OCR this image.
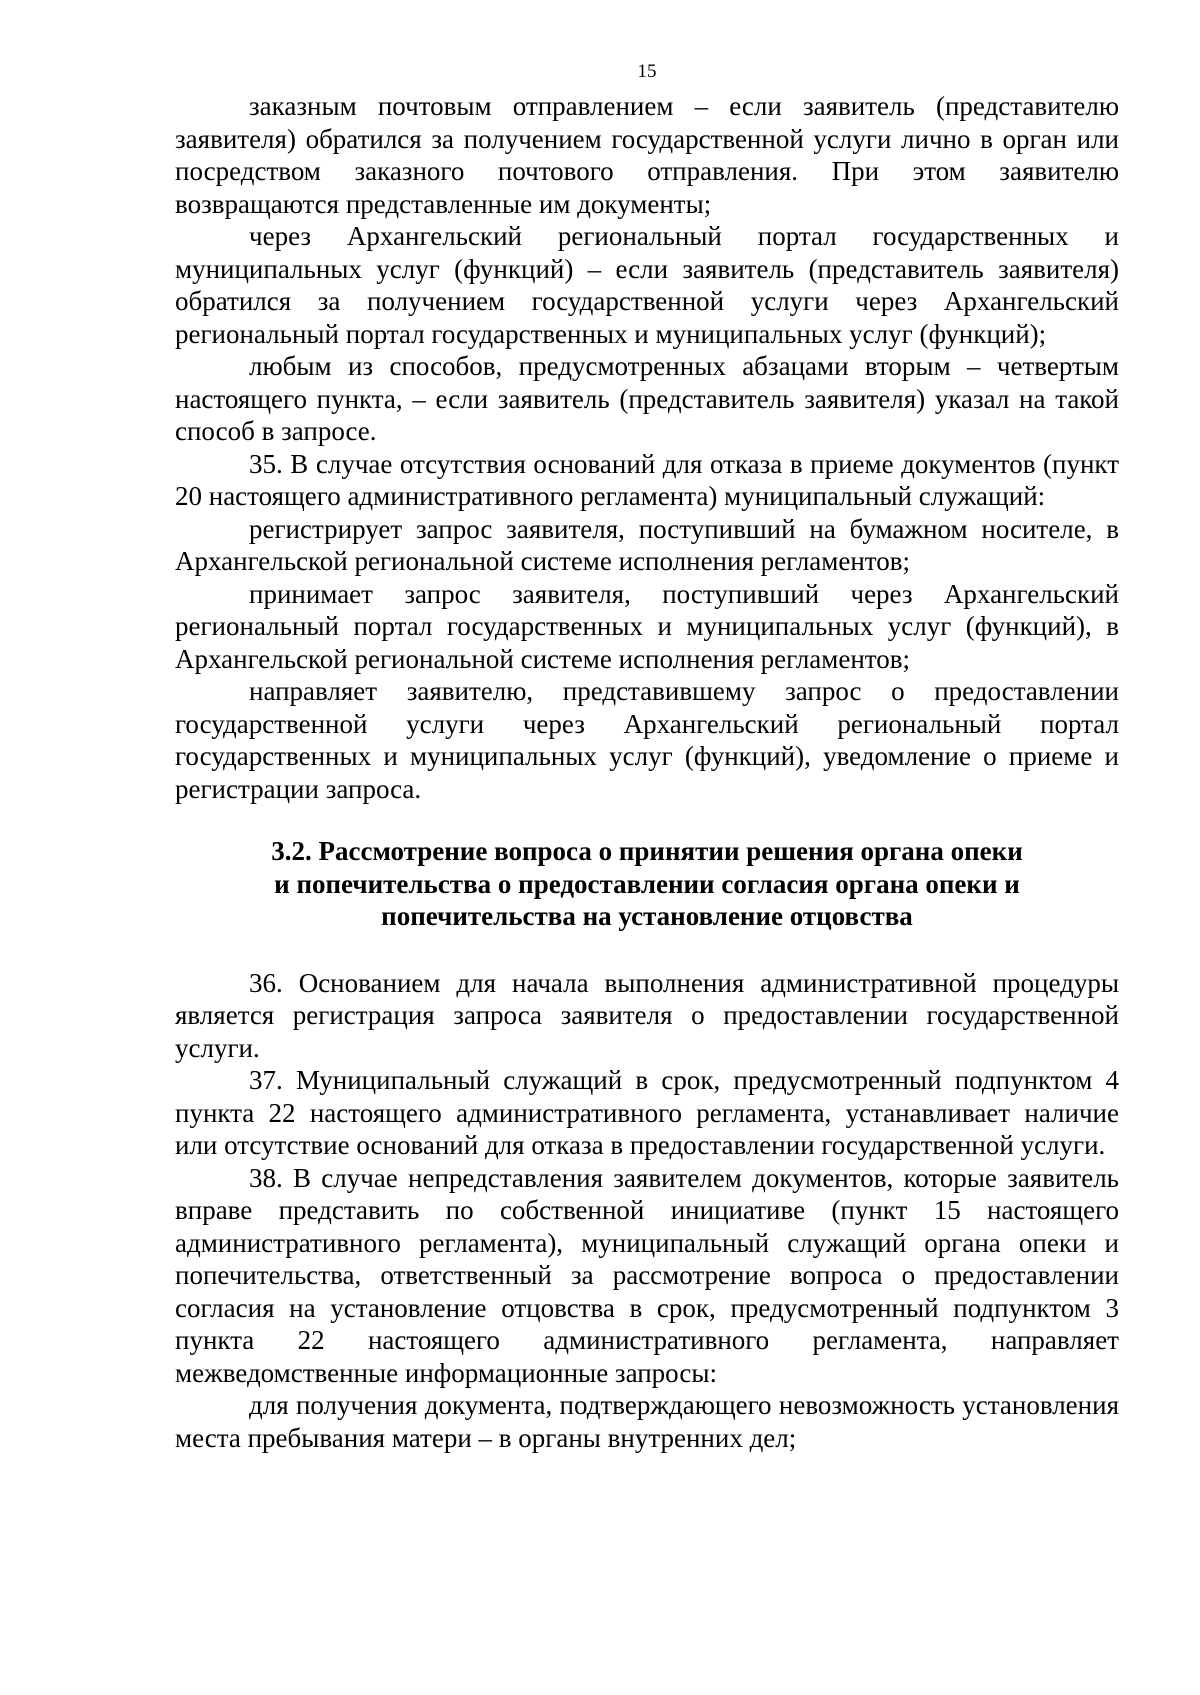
15

заказным почтовым отправлением – если заявитель (представителю заявителя) обратился за получением государственной услуги лично в орган или посредством заказного почтового отправления. При этом заявителю возвращаются представленные им документы;

через Архангельский региональный портал государственных и муниципальных услуг (функций) – если заявитель (представитель заявителя) обратился за получением государственной услуги через Архангельский региональный портал государственных и муниципальных услуг (функций);

любым из способов, предусмотренных абзацами вторым – четвертым настоящего пункта, – если заявитель (представитель заявителя) указал на такой способ в запросе.

35. В случае отсутствия оснований для отказа в приеме документов (пункт 20 настоящего административного регламента) муниципальный служащий:

регистрирует запрос заявителя, поступивший на бумажном носителе, в Архангельской региональной системе исполнения регламентов;

принимает запрос заявителя, поступивший через Архангельский региональный портал государственных и муниципальных услуг (функций), в Архангельской региональной системе исполнения регламентов;

направляет заявителю, представившему запрос о предоставлении государственной услуги через Архангельский региональный портал государственных и муниципальных услуг (функций), уведомление о приеме и регистрации запроса.

3.2. Рассмотрение вопроса о принятии решения органа опеки
и попечительства о предоставлении согласия органа опеки и
попечительства на установление отцовства

36. Основанием для начала выполнения административной процедуры является регистрация запроса заявителя о предоставлении государственной услуги.

37. Муниципальный служащий в срок, предусмотренный подпунктом 4 пункта 22 настоящего административного регламента, устанавливает наличие или отсутствие оснований для отказа в предоставлении государственной услуги.

38. В случае непредставления заявителем документов, которые заявитель вправе представить по собственной инициативе (пункт 15 настоящего административного регламента), муниципальный служащий органа опеки и попечительства, ответственный за рассмотрение вопроса о предоставлении согласия на установление отцовства в срок, предусмотренный подпунктом 3 пункта 22 настоящего административного регламента, направляет межведомственные информационные запросы:

для получения документа, подтверждающего невозможность установления места пребывания матери – в органы внутренних дел;
